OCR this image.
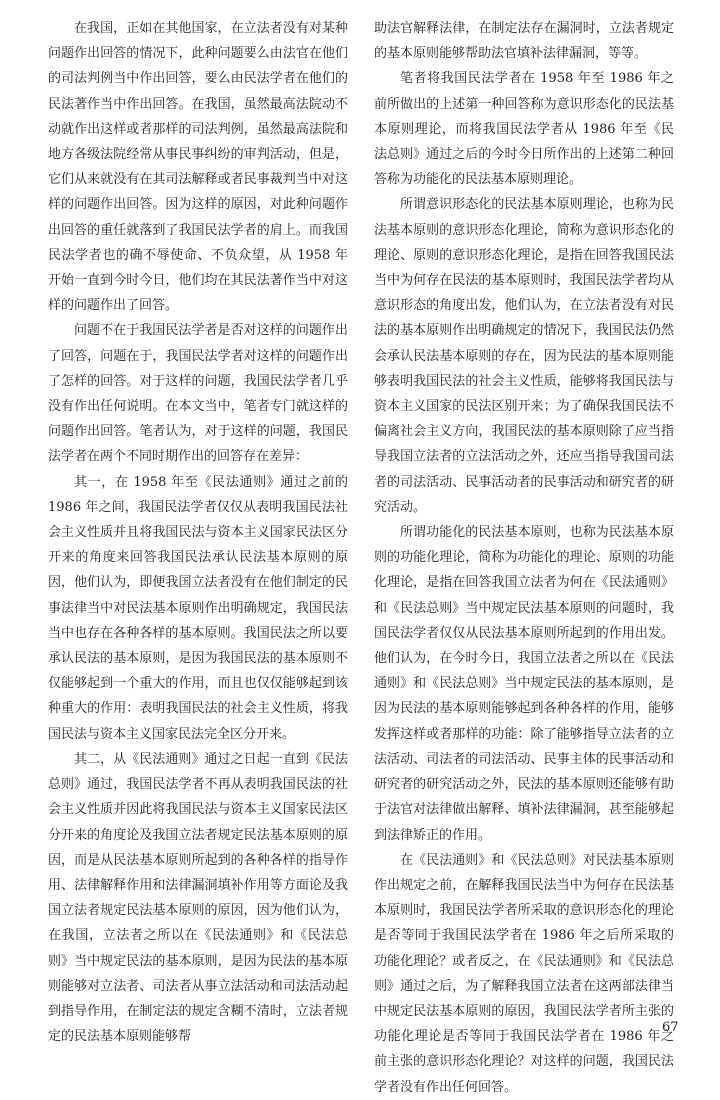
在我国，正如在其他国家，在立法者没有对某种问题作出回答的情况下，此种问题要么由法官在他们的司法判例当中作出回答，要么由民法学者在他们的民法著作当中作出回答。在我国，虽然最高法院动不动就作出这样或者那样的司法判例，虽然最高法院和地方各级法院经常从事民事纠纷的审判活动，但是，它们从来就没有在其司法解释或者民事裁判当中对这样的问题作出回答。因为这样的原因，对此种问题作出回答的重任就落到了我国民法学者的肩上。而我国民法学者也的确不辱使命、不负众望，从 1958 年开始一直到今时今日，他们均在其民法著作当中对这样的问题作出了回答。

问题不在于我国民法学者是否对这样的问题作出了回答，问题在于，我国民法学者对这样的问题作出了怎样的回答。对于这样的问题，我国民法学者几乎没有作出任何说明。在本文当中，笔者专门就这样的问题作出回答。笔者认为，对于这样的问题，我国民法学者在两个不同时期作出的回答存在差异：

其一，在 1958 年至《民法通则》通过之前的 1986 年之间，我国民法学者仅仅从表明我国民法社会主义性质并且将我国民法与资本主义国家民法区分开来的角度来回答我国民法承认民法基本原则的原因，他们认为，即便我国立法者没有在他们制定的民事法律当中对民法基本原则作出明确规定，我国民法当中也存在各种各样的基本原则。我国民法之所以要承认民法的基本原则，是因为我国民法的基本原则不仅能够起到一个重大的作用，而且也仅仅能够起到该种重大的作用：表明我国民法的社会主义性质，将我国民法与资本主义国家民法完全区分开来。

其二，从《民法通则》通过之日起一直到《民法总则》通过，我国民法学者不再从表明我国民法的社会主义性质并因此将我国民法与资本主义国家民法区分开来的角度论及我国立法者规定民法基本原则的原因，而是从民法基本原则所起到的各种各样的指导作用、法律解释作用和法律漏洞填补作用等方面论及我国立法者规定民法基本原则的原因，因为他们认为，在我国，立法者之所以在《民法通则》和《民法总则》当中规定民法的基本原则，是因为民法的基本原则能够对立法者、司法者从事立法活动和司法活动起到指导作用，在制定法的规定含糊不清时，立法者规定的民法基本原则能够帮

助法官解释法律，在制定法存在漏洞时，立法者规定的基本原则能够帮助法官填补法律漏洞，等等。

笔者将我国民法学者在 1958 年至 1986 年之前所做出的上述第一种回答称为意识形态化的民法基本原则理论，而将我国民法学者从 1986 年至《民法总则》通过之后的今时今日所作出的上述第二种回答称为功能化的民法基本原则理论。

所谓意识形态化的民法基本原则理论，也称为民法基本原则的意识形态化理论，简称为意识形态化的理论、原则的意识形态化理论，是指在回答我国民法当中为何存在民法的基本原则时，我国民法学者均从意识形态的角度出发，他们认为，在立法者没有对民法的基本原则作出明确规定的情况下，我国民法仍然会承认民法基本原则的存在，因为民法的基本原则能够表明我国民法的社会主义性质，能够将我国民法与资本主义国家的民法区别开来；为了确保我国民法不偏离社会主义方向，我国民法的基本原则除了应当指导我国立法者的立法活动之外，还应当指导我国司法者的司法活动、民事活动者的民事活动和研究者的研究活动。

所谓功能化的民法基本原则，也称为民法基本原则的功能化理论，简称为功能化的理论、原则的功能化理论，是指在回答我国立法者为何在《民法通则》和《民法总则》当中规定民法基本原则的问题时，我国民法学者仅仅从民法基本原则所起到的作用出发。他们认为，在今时今日，我国立法者之所以在《民法通则》和《民法总则》当中规定民法的基本原则，是因为民法的基本原则能够起到各种各样的作用，能够发挥这样或者那样的功能：除了能够指导立法者的立法活动、司法者的司法活动、民事主体的民事活动和研究者的研究活动之外，民法的基本原则还能够有助于法官对法律做出解释、填补法律漏洞，甚至能够起到法律矫正的作用。

在《民法通则》和《民法总则》对民法基本原则作出规定之前，在解释我国民法当中为何存在民法基本原则时，我国民法学者所采取的意识形态化的理论是否等同于我国民法学者在 1986 年之后所采取的功能化理论？或者反之，在《民法通则》和《民法总则》通过之后，为了解释我国立法者在这两部法律当中规定民法基本原则的原因，我国民法学者所主张的功能化理论是否等同于我国民法学者在 1986 年之前主张的意识形态化理论？对这样的问题，我国民法学者没有作出任何回答。

67
